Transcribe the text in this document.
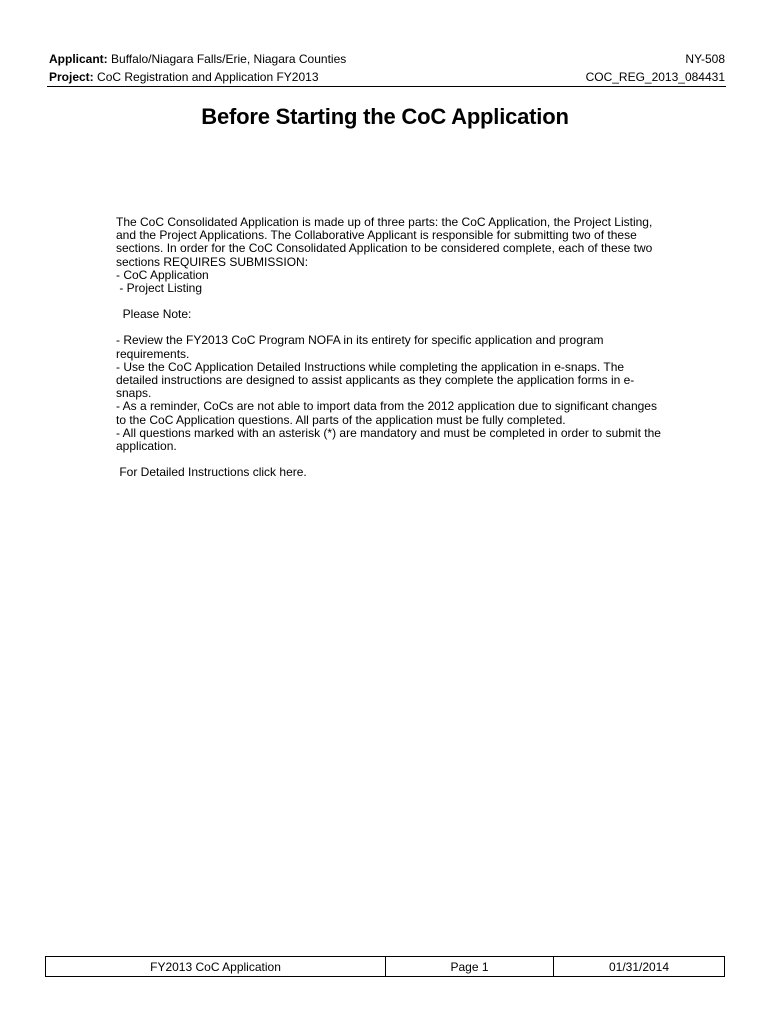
Applicant: Buffalo/Niagara Falls/Erie, Niagara Counties	NY-508
Project: CoC Registration and Application FY2013	COC_REG_2013_084431
Before Starting the CoC Application

The CoC Consolidated Application is made up of three parts: the CoC Application, the Project Listing, and the Project Applications. The Collaborative Applicant is responsible for submitting two of these sections. In order for the CoC Consolidated Application to be considered complete, each of these two sections REQUIRES SUBMISSION:

- CoC Application

- Project Listing

Please Note:

- Review the FY2013 CoC Program NOFA in its entirety for specific application and program requirements.

- Use the CoC Application Detailed Instructions while completing the application in e-snaps. The detailed instructions are designed to assist applicants as they complete the application forms in e-snaps.

- As a reminder, CoCs are not able to import data from the 2012 application due to significant changes to the CoC Application questions. All parts of the application must be fully completed.

- All questions marked with an asterisk (*) are mandatory and must be completed in order to submit the application.

For Detailed Instructions click here.

FY2013 CoC Application	Page 1	01/31/2014
